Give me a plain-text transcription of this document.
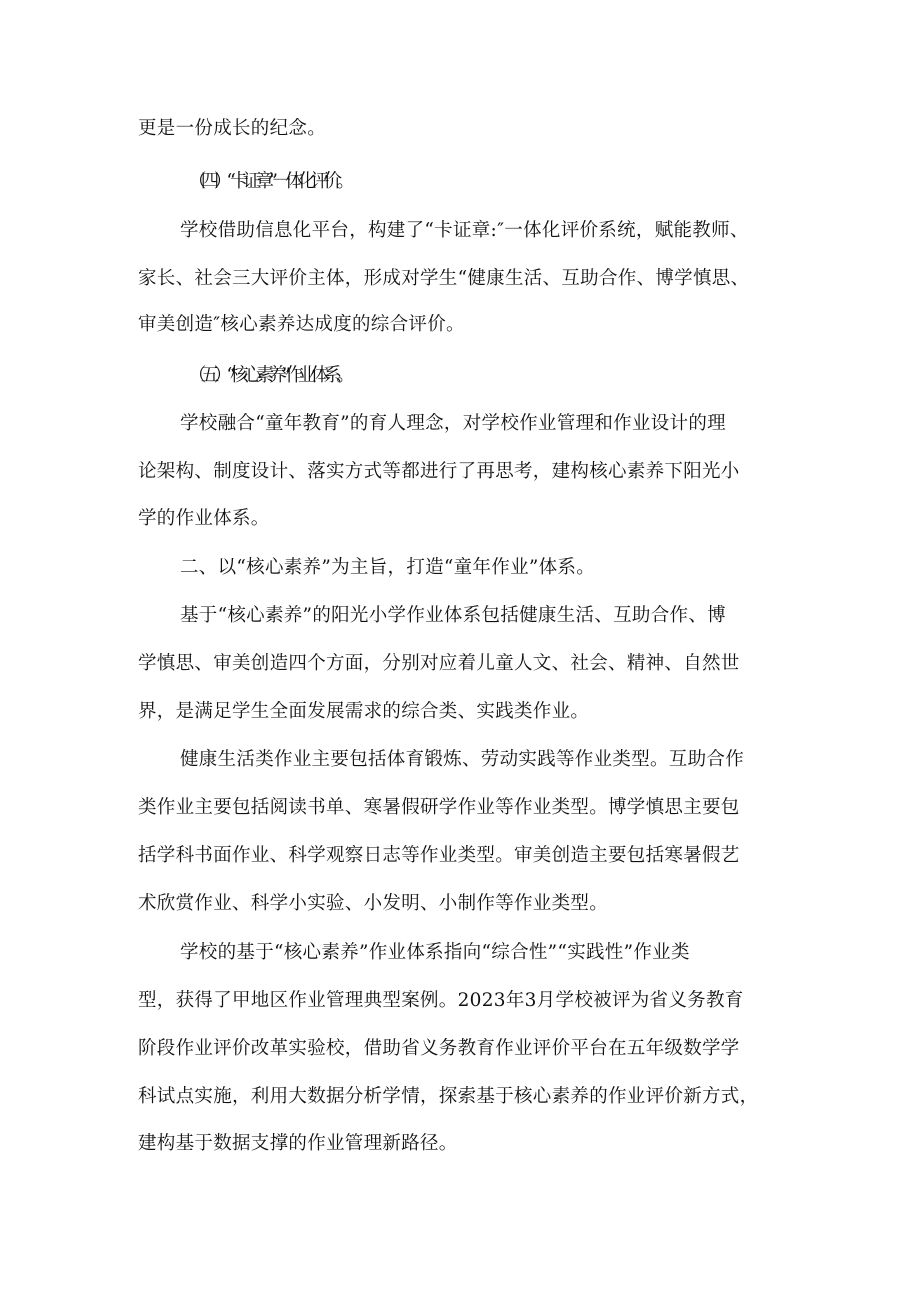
更是一份成长的纪念。
（四）“卡证章”一体化评价。
学校借助信息化平台，构建了“卡证章:″一体化评价系统，赋能教师、
家长、社会三大评价主体，形成对学生“健康生活、互助合作、博学慎思、
审美创造″核心素养达成度的综合评价。
（五）“核心素养”作业体系。
学校融合“童年教育”的育人理念，对学校作业管理和作业设计的理
论架构、制度设计、落实方式等都进行了再思考，建构核心素养下阳光小
学的作业体系。
二、以“核心素养”为主旨，打造“童年作业”体系。
基于“核心素养”的阳光小学作业体系包括健康生活、互助合作、博
学慎思、审美创造四个方面，分别对应着儿童人文、社会、精神、自然世
界，是满足学生全面发展需求的综合类、实践类作业。
健康生活类作业主要包括体育锻炼、劳动实践等作业类型。互助合作
类作业主要包括阅读书单、寒暑假研学作业等作业类型。博学慎思主要包
括学科书面作业、科学观察日志等作业类型。审美创造主要包括寒暑假艺
术欣赏作业、科学小实验、小发明、小制作等作业类型。
学校的基于“核心素养”作业体系指向“综合性”“实践性”作业类
型，获得了甲地区作业管理典型案例。2023年3月学校被评为省义务教育
阶段作业评价改革实验校，借助省义务教育作业评价平台在五年级数学学
科试点实施，利用大数据分析学情，探索基于核心素养的作业评价新方式，
建构基于数据支撑的作业管理新路径。
